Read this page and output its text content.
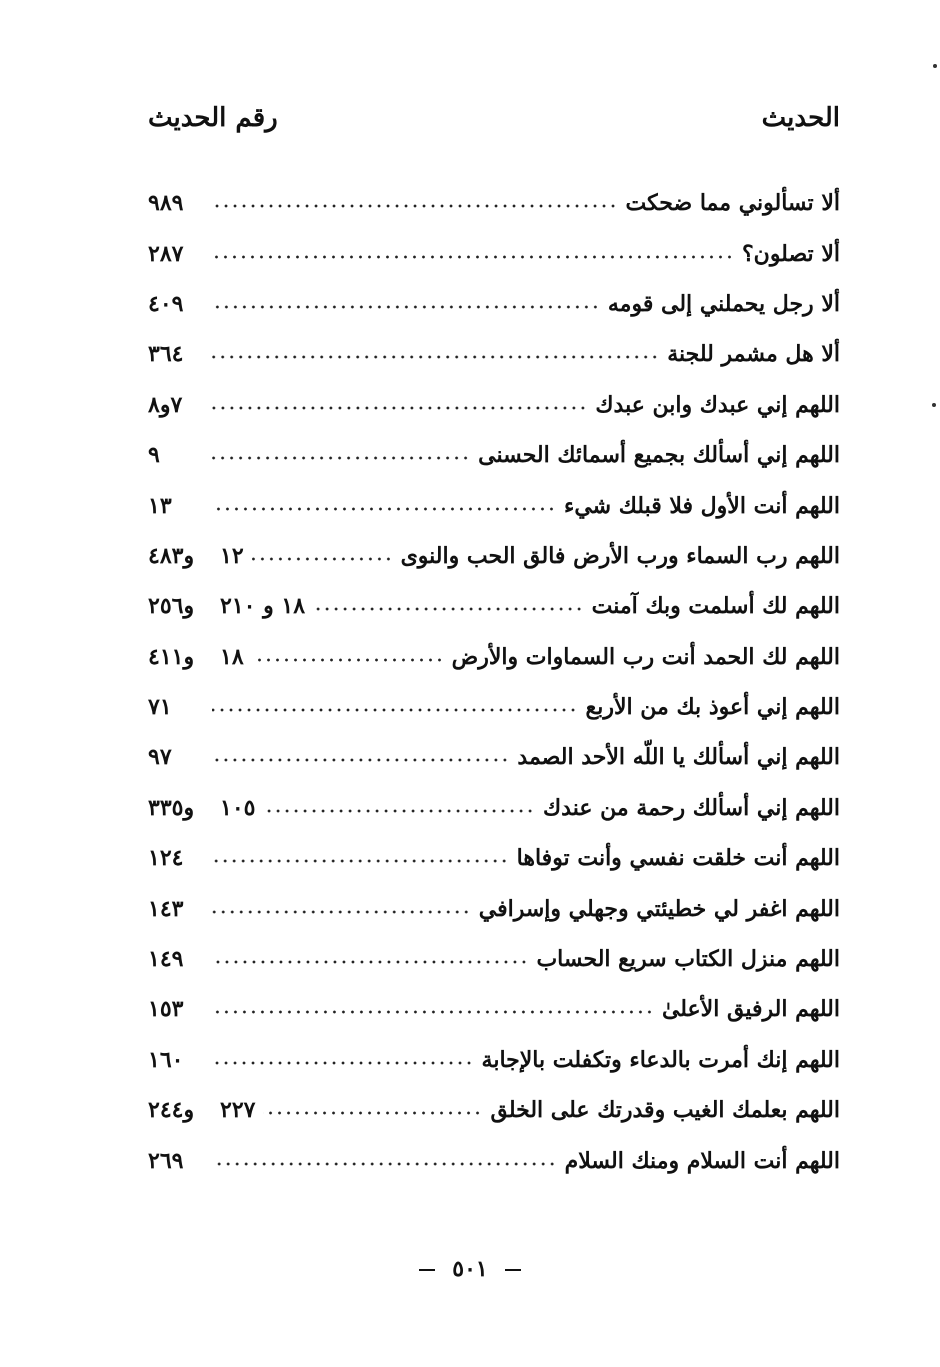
الحديث
رقم الحديث
ألا تسألوني مما ضحكت
٩٨٩
ألا تصلون؟
٢٨٧
ألا رجل يحملني إلى قومه
٤٠٩
ألا هل مشمر للجنة
٣٦٤
اللهم إني عبدك وابن عبدك
٧و٨
اللهم إني أسألك بجميع أسمائك الحسنى
٩
اللهم أنت الأول فلا قبلك شيء
١٣
اللهم رب السماء ورب الأرض فالق الحب والنوى
١٢
و٤٨٣
اللهم لك أسلمت وبك آمنت
١٨ و ٢١٠
و٢٥٦
اللهم لك الحمد أنت رب السماوات والأرض
١٨
و٤١١
اللهم إني أعوذ بك من الأربع
٧١
اللهم إني أسألك يا اللّه الأحد الصمد
٩٧
اللهم إني أسألك رحمة من عندك
١٠٥
و٣٣٥
اللهم أنت خلقت نفسي وأنت توفاها
١٢٤
اللهم اغفر لي خطيئتي وجهلي وإسرافي
١٤٣
اللهم منزل الكتاب سريع الحساب
١٤٩
اللهم الرفيق الأعلىٰ
١٥٣
اللهم إنك أمرت بالدعاء وتكفلت بالإجابة
١٦٠
اللهم بعلمك الغيب وقدرتك على الخلق
٢٢٧
و٢٤٤
اللهم أنت السلام ومنك السلام
٢٦٩
٥٠١
